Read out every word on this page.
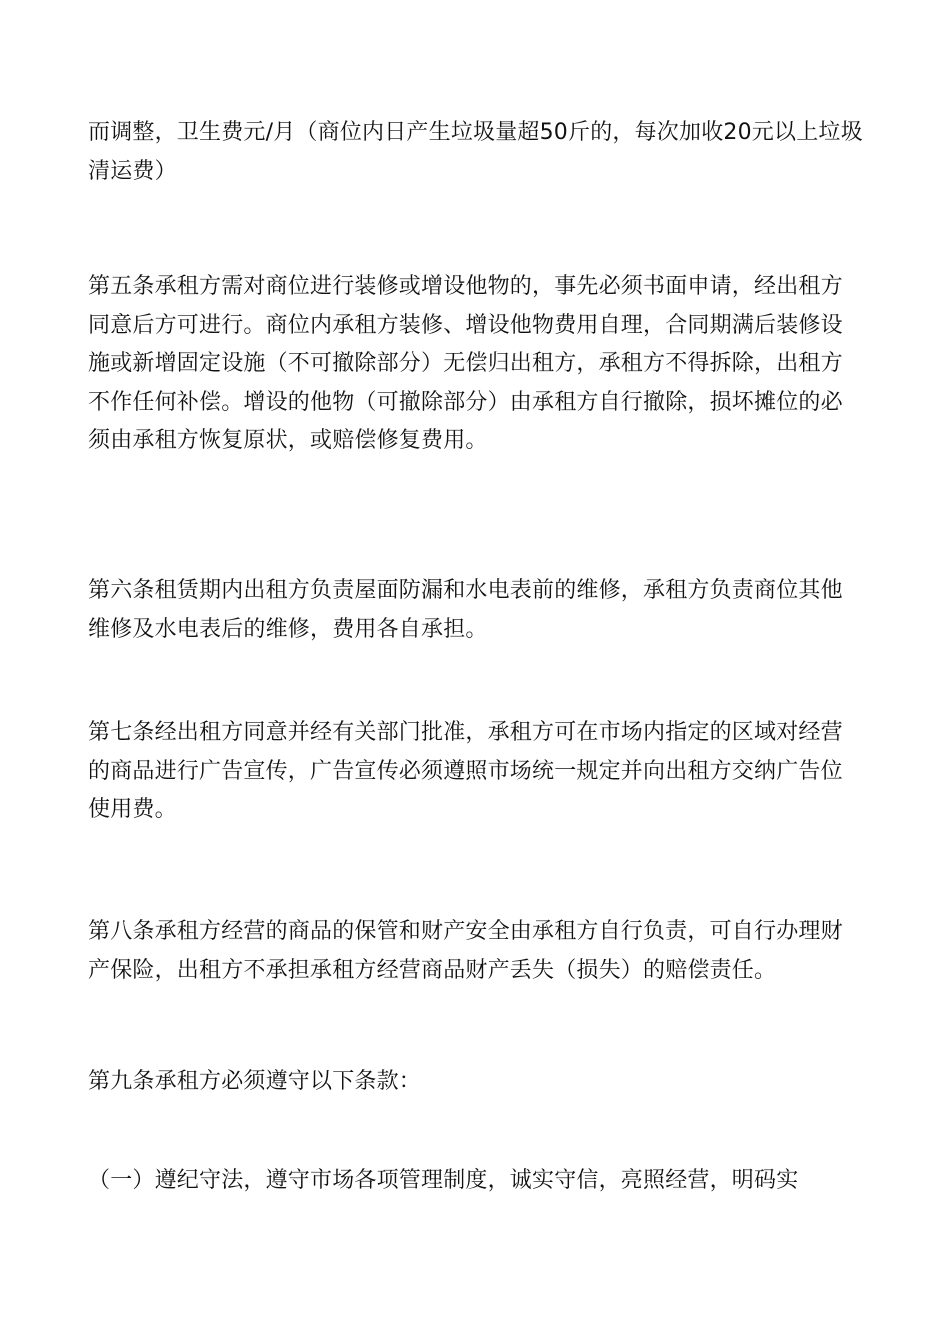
而调整，卫生费元/月（商位内日产生垃圾量超50斤的，每次加收20元以上垃圾清运费）

第五条承租方需对商位进行装修或增设他物的，事先必须书面申请，经出租方同意后方可进行。商位内承租方装修、增设他物费用自理，合同期满后装修设施或新增固定设施（不可撤除部分）无偿归出租方，承租方不得拆除，出租方不作任何补偿。增设的他物（可撤除部分）由承租方自行撤除，损坏摊位的必须由承租方恢复原状，或赔偿修复费用。

第六条租赁期内出租方负责屋面防漏和水电表前的维修，承租方负责商位其他维修及水电表后的维修，费用各自承担。

第七条经出租方同意并经有关部门批准，承租方可在市场内指定的区域对经营的商品进行广告宣传，广告宣传必须遵照市场统一规定并向出租方交纳广告位使用费。

第八条承租方经营的商品的保管和财产安全由承租方自行负责，可自行办理财产保险，出租方不承担承租方经营商品财产丢失（损失）的赔偿责任。

第九条承租方必须遵守以下条款：

（一）遵纪守法，遵守市场各项管理制度，诚实守信，亮照经营，明码实
